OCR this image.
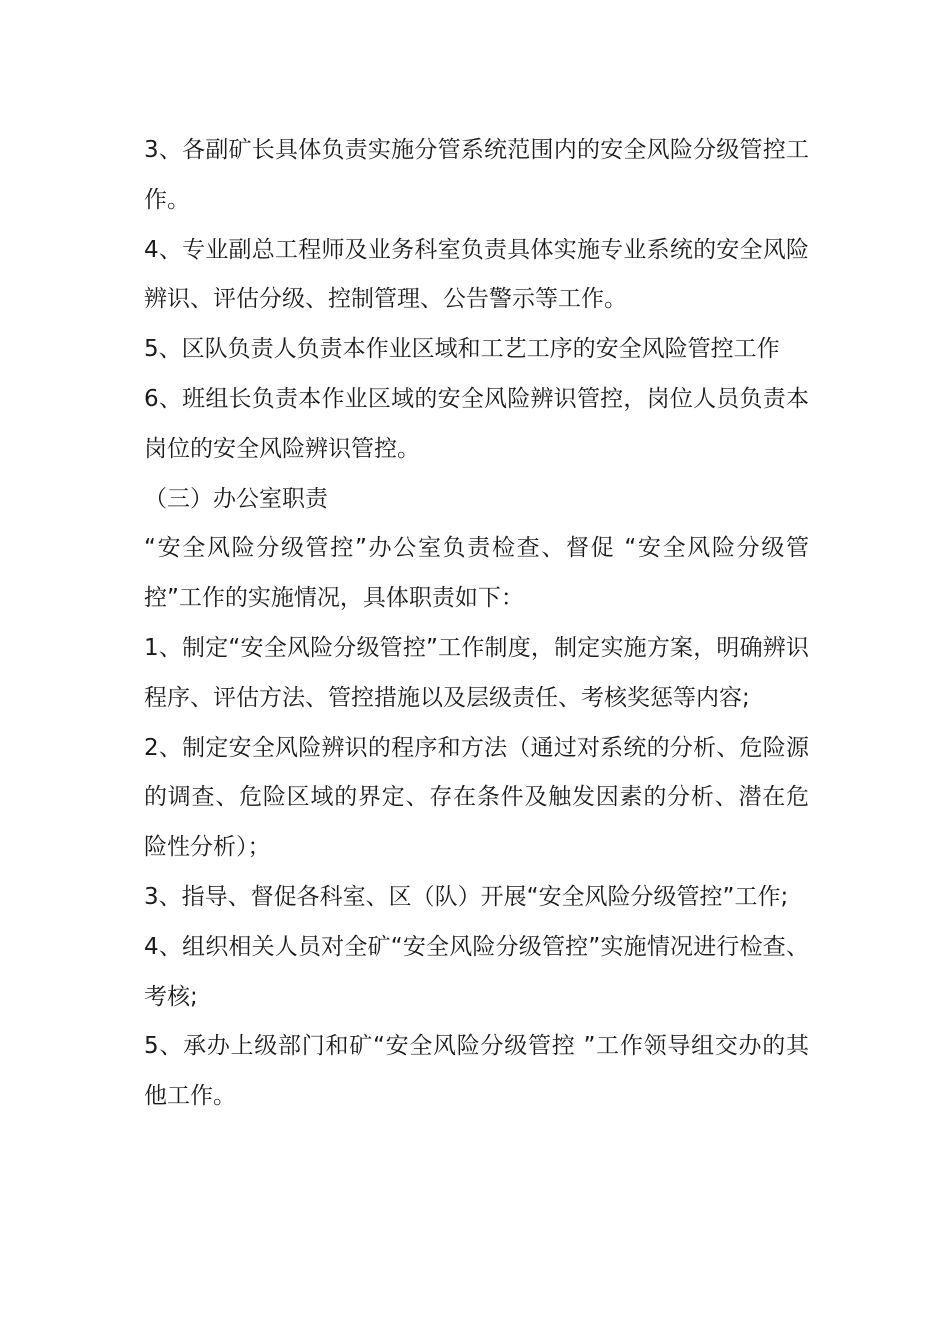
3、各副矿长具体负责实施分管系统范围内的安全风险分级管控工作。

4、专业副总工程师及业务科室负责具体实施专业系统的安全风险辨识、评估分级、控制管理、公告警示等工作。

5、区队负责人负责本作业区域和工艺工序的安全风险管控工作

6、班组长负责本作业区域的安全风险辨识管控，岗位人员负责本岗位的安全风险辨识管控。

（三）办公室职责

“安全风险分级管控”办公室负责检查、督促 “安全风险分级管控”工作的实施情况，具体职责如下：

1、制定“安全风险分级管控”工作制度，制定实施方案，明确辨识程序、评估方法、管控措施以及层级责任、考核奖惩等内容;

2、制定安全风险辨识的程序和方法（通过对系统的分析、危险源的调查、危险区域的界定、存在条件及触发因素的分析、潜在危险性分析）；

3、指导、督促各科室、区（队）开展“安全风险分级管控”工作;

4、组织相关人员对全矿“安全风险分级管控”实施情况进行检查、考核;

5、承办上级部门和矿“安全风险分级管控 ”工作领导组交办的其他工作。
